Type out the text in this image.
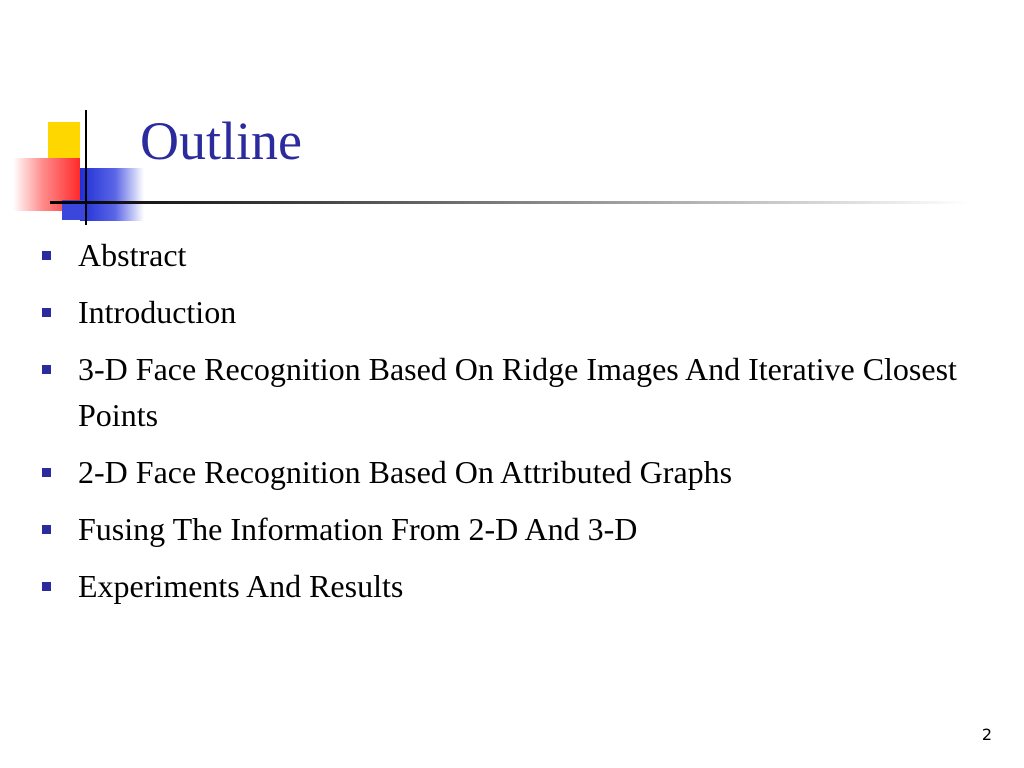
Outline
Abstract
Introduction
3-D Face Recognition Based On Ridge Images And Iterative Closest Points
2-D Face Recognition Based On Attributed Graphs
Fusing The Information From 2-D And 3-D
Experiments And Results
2
